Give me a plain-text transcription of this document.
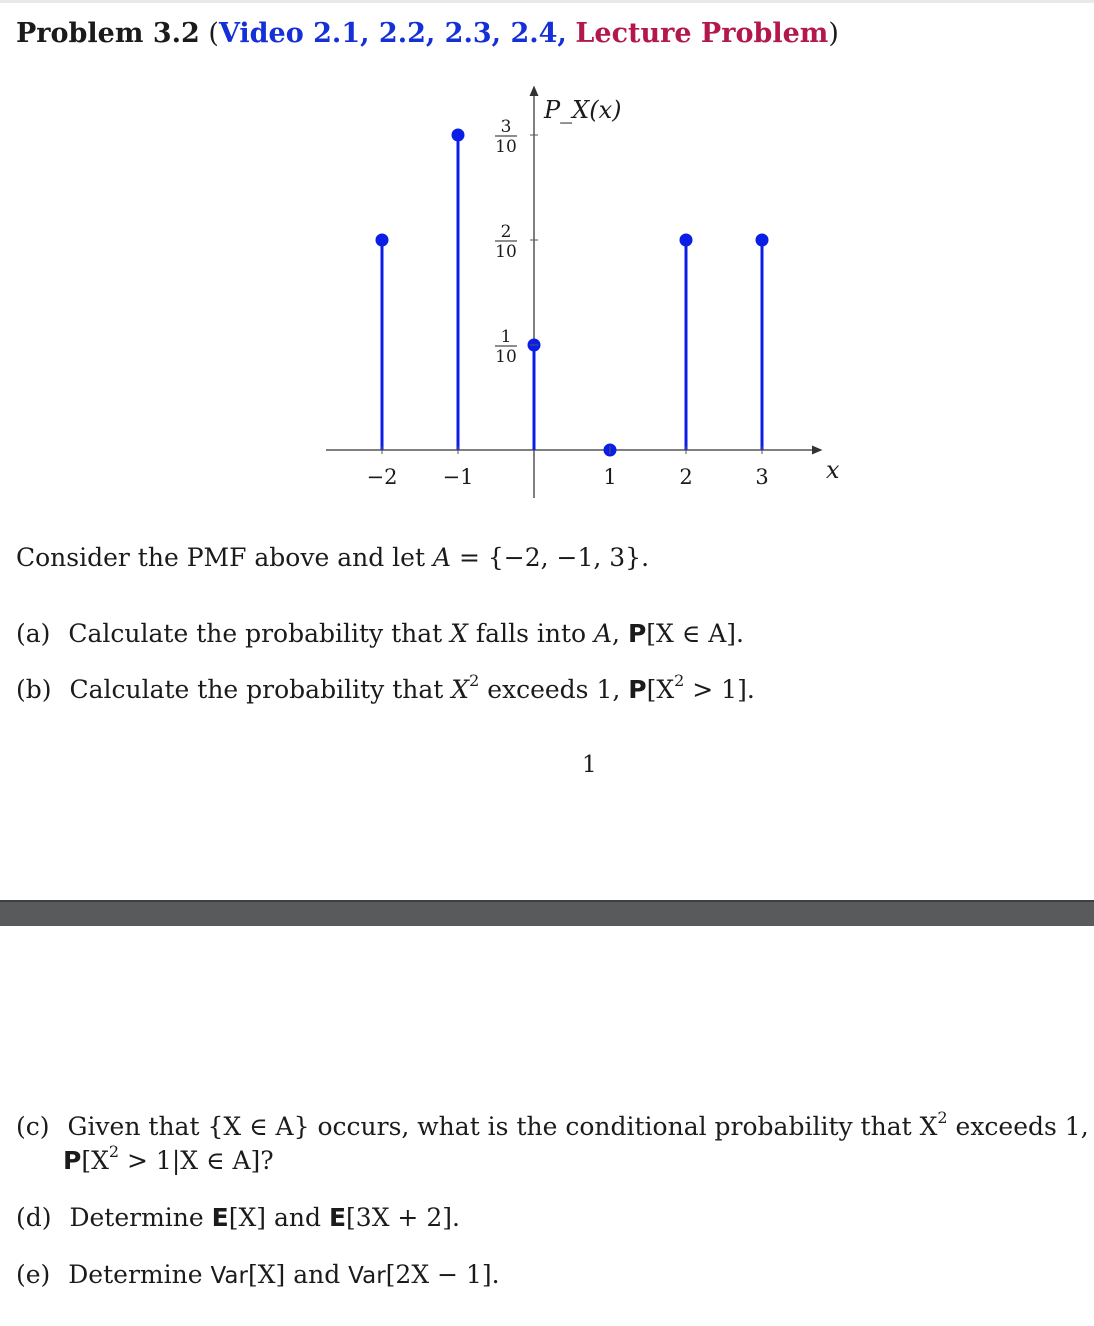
Problem 3.2 (Video 2.1, 2.2, 2.3, 2.4, Lecture Problem)
3
10
2
10
1
10
−2 −1	1	2	3
P_X(x)
x
Consider the PMF above and let A = {−2, −1, 3}.
(a) Calculate the probability that X falls into A, P[X ∈ A].
(b) Calculate the probability that $X^2$ exceeds 1, $P[X^2 > 1]$.
1
(c) Given that {X ∈ A} occurs, what is the conditional probability that $X^2$ exceeds 1,
$P[X^2 > 1|X$ ∈ A]?
(d) Determine E[X] and E[3X + 2].
(e) Determine Var[X] and Var[2X − 1].
